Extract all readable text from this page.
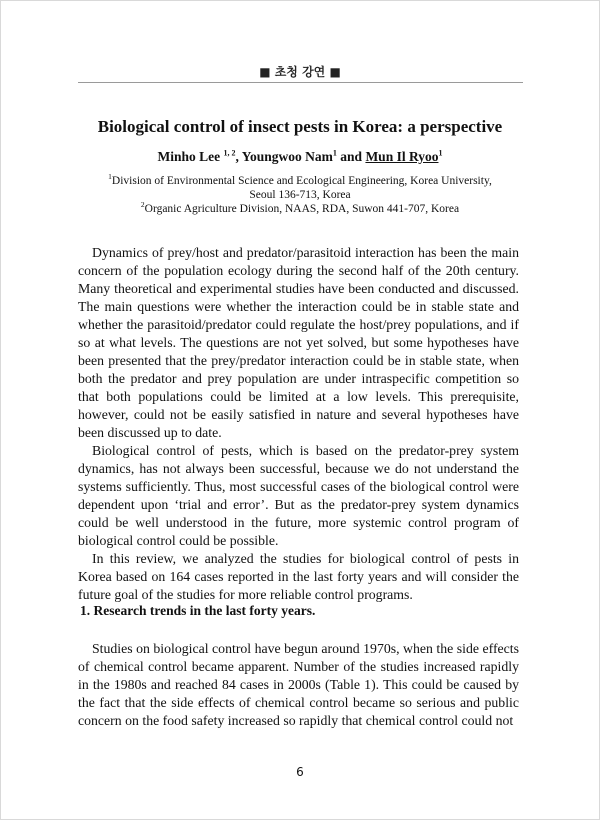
■ 초청 강연 ■
Biological control of insect pests in Korea: a perspective
Minho Lee $^{1, 2}$, Youngwoo Nam$^1$ and Mun Il Ryoo$^1$
$^1$Division of Environmental Science and Ecological Engineering, Korea University,
Seoul 136-713, Korea
$^2$Organic Agriculture Division, NAAS, RDA, Suwon 441-707, Korea

Dynamics of prey/host and predator/parasitoid interaction has been the main concern of the population ecology during the second half of the 20th century. Many theoretical and experimental studies have been conducted and discussed. The main questions were whether the interaction could be in stable state and whether the parasitoid/predator could regulate the host/prey populations, and if so at what levels. The questions are not yet solved, but some hypotheses have been presented that the prey/predator interaction could be in stable state, when both the predator and prey population are under intraspecific competition so that both populations could be limited at a low levels. This prerequisite, however, could not be easily satisfied in nature and several hypotheses have been discussed up to date.

Biological control of pests, which is based on the predator-prey system dynamics, has not always been successful, because we do not understand the systems sufficiently. Thus, most successful cases of the biological control were dependent upon ‘trial and error’. But as the predator-prey system dynamics could be well understood in the future, more systemic control program of biological control could be possible.

In this review, we analyzed the studies for biological control of pests in Korea based on 164 cases reported in the last forty years and will consider the future goal of the studies for more reliable control programs.

1. Research trends in the last forty years.

Studies on biological control have begun around 1970s, when the side effects of chemical control became apparent. Number of the studies increased rapidly in the 1980s and reached 84 cases in 2000s (Table 1). This could be caused by the fact that the side effects of chemical control became so serious and public concern on the food safety increased so rapidly that chemical control could not

6
